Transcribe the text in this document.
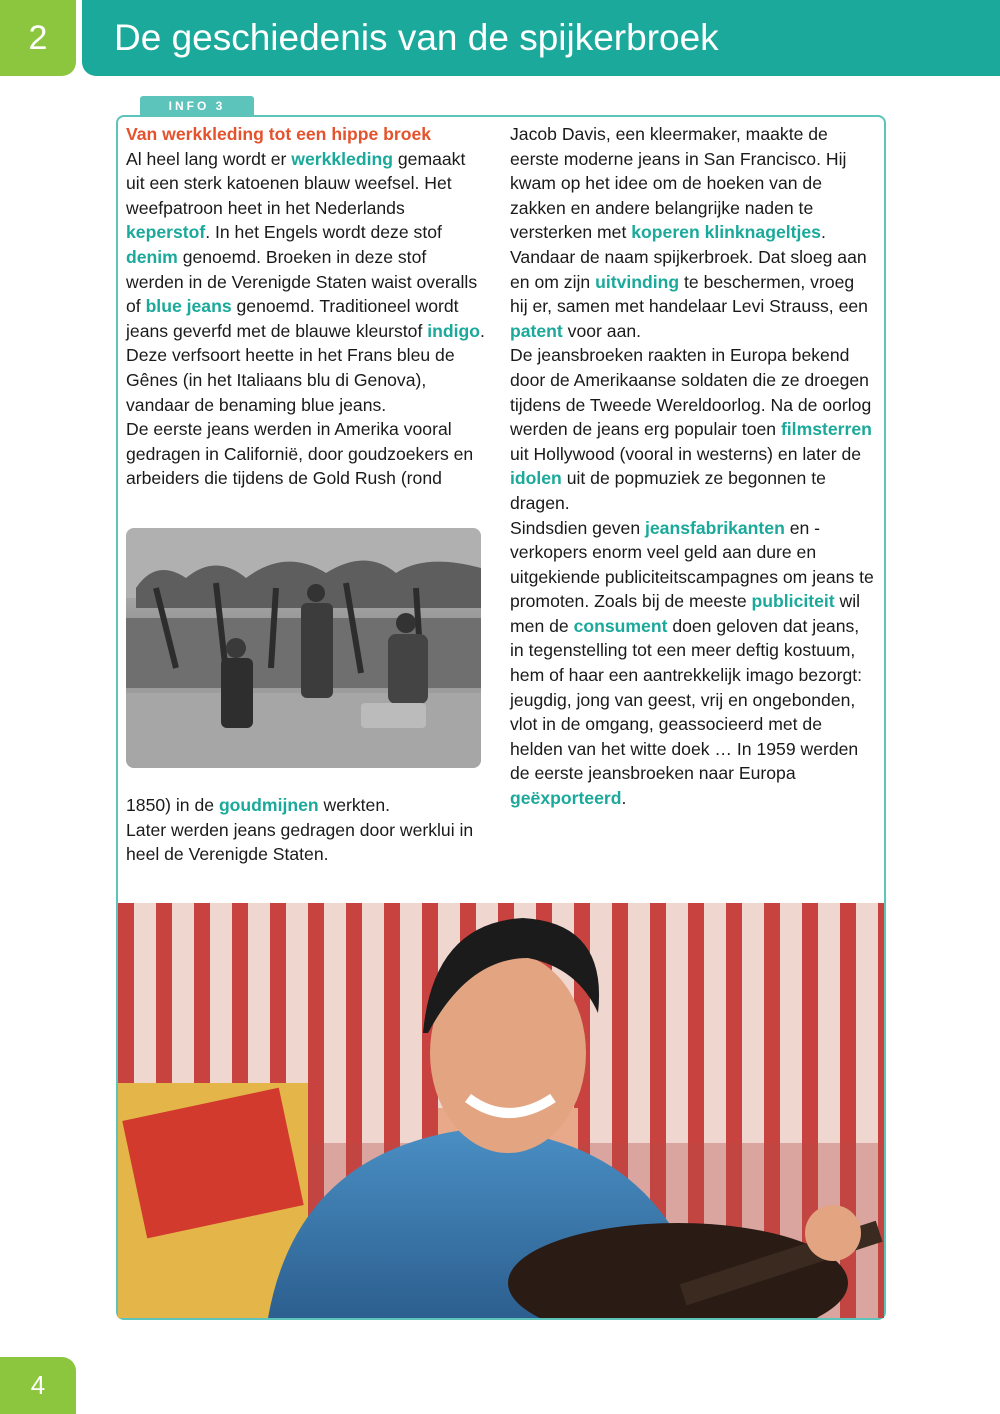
2 De geschiedenis van de spijkerbroek
INFO 3

Van werkkleding tot een hippe broek

Al heel lang wordt er werkkleding gemaakt uit een sterk katoenen blauw weefsel. Het weefpatroon heet in het Nederlands keperstof. In het Engels wordt deze stof denim genoemd. Broeken in deze stof werden in de Verenigde Staten waist overalls of blue jeans genoemd. Traditioneel wordt jeans geverfd met de blauwe kleurstof indigo. Deze verfsoort heette in het Frans bleu de Gênes (in het Italiaans blu di Genova), vandaar de benaming blue jeans.

De eerste jeans werden in Amerika vooral gedragen in Californië, door goudzoekers en arbeiders die tijdens de Gold Rush (rond

1850) in de goudmijnen werkten.

Later werden jeans gedragen door werklui in heel de Verenigde Staten.

Jacob Davis, een kleermaker, maakte de eerste moderne jeans in San Francisco. Hij kwam op het idee om de hoeken van de zakken en andere belangrijke naden te versterken met koperen klinknageltjes. Vandaar de naam spijkerbroek. Dat sloeg aan en om zijn uitvinding te beschermen, vroeg hij er, samen met handelaar Levi Strauss, een patent voor aan.

De jeansbroeken raakten in Europa bekend door de Amerikaanse soldaten die ze droegen tijdens de Tweede Wereldoorlog. Na de oorlog werden de jeans erg populair toen filmsterren uit Hollywood (vooral in westerns) en later de idolen uit de popmuziek ze begonnen te dragen.

Sindsdien geven jeansfabrikanten en -verkopers enorm veel geld aan dure en uitgekiende publiciteitscampagnes om jeans te promoten. Zoals bij de meeste publiciteit wil men de consument doen geloven dat jeans, in tegenstelling tot een meer deftig kostuum, hem of haar een aantrekkelijk imago bezorgt: jeugdig, jong van geest, vrij en ongebonden, vlot in de omgang, geassocieerd met de helden van het witte doek … In 1959 werden de eerste jeansbroeken naar Europa geëxporteerd.

4
